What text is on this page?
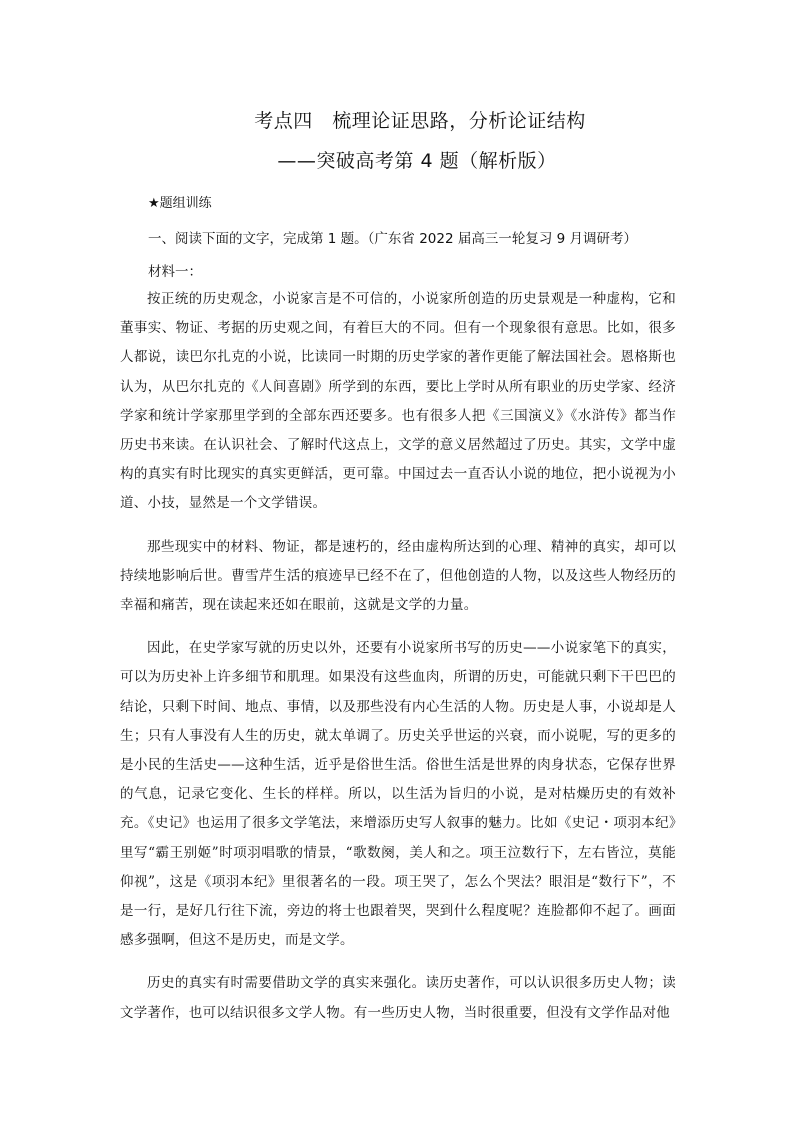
考点四　梳理论证思路，分析论证结构
——突破高考第 4 题（解析版）
★题组训练
一、阅读下面的文字，完成第 1 题。（广东省 2022 届高三一轮复习 9 月调研考）
材料一：

按正统的历史观念，小说家言是不可信的，小说家所创造的历史景观是一种虚构，它和董事实、物证、考据的历史观之间，有着巨大的不同。但有一个现象很有意思。比如，很多人都说，读巴尔扎克的小说，比读同一时期的历史学家的著作更能了解法国社会。恩格斯也认为，从巴尔扎克的《人间喜剧》所学到的东西，要比上学时从所有职业的历史学家、经济学家和统计学家那里学到的全部东西还要多。也有很多人把《三国演义》《水浒传》都当作历史书来读。在认识社会、了解时代这点上，文学的意义居然超过了历史。其实，文学中虚构的真实有时比现实的真实更鲜活，更可靠。中国过去一直否认小说的地位，把小说视为小道、小技，显然是一个文学错误。

那些现实中的材料、物证，都是速朽的，经由虚构所达到的心理、精神的真实，却可以持续地影响后世。曹雪芹生活的痕迹早已经不在了，但他创造的人物，以及这些人物经历的幸福和痛苦，现在读起来还如在眼前，这就是文学的力量。

因此，在史学家写就的历史以外，还要有小说家所书写的历史——小说家笔下的真实，可以为历史补上许多细节和肌理。如果没有这些血肉，所谓的历史，可能就只剩下干巴巴的结论，只剩下时间、地点、事情，以及那些没有内心生活的人物。历史是人事，小说却是人生；只有人事没有人生的历史，就太单调了。历史关乎世运的兴衰，而小说呢，写的更多的是小民的生活史——这种生活，近乎是俗世生活。俗世生活是世界的肉身状态，它保存世界的气息，记录它变化、生长的样样。所以，以生活为旨归的小说，是对枯燥历史的有效补充。《史记》也运用了很多文学笔法，来增添历史写人叙事的魅力。比如《史记・项羽本纪》里写“霸王别姬”时项羽唱歌的情景，“歌数阕，美人和之。项王泣数行下，左右皆泣，莫能仰视”，这是《项羽本纪》里很著名的一段。项王哭了，怎么个哭法？眼泪是“数行下”，不是一行，是好几行往下流，旁边的将士也跟着哭，哭到什么程度呢？连脸都仰不起了。画面感多强啊，但这不是历史，而是文学。

历史的真实有时需要借助文学的真实来强化。读历史著作，可以认识很多历史人物；读文学著作，也可以结识很多文学人物。有一些历史人物，当时很重要，但没有文学作品对他
